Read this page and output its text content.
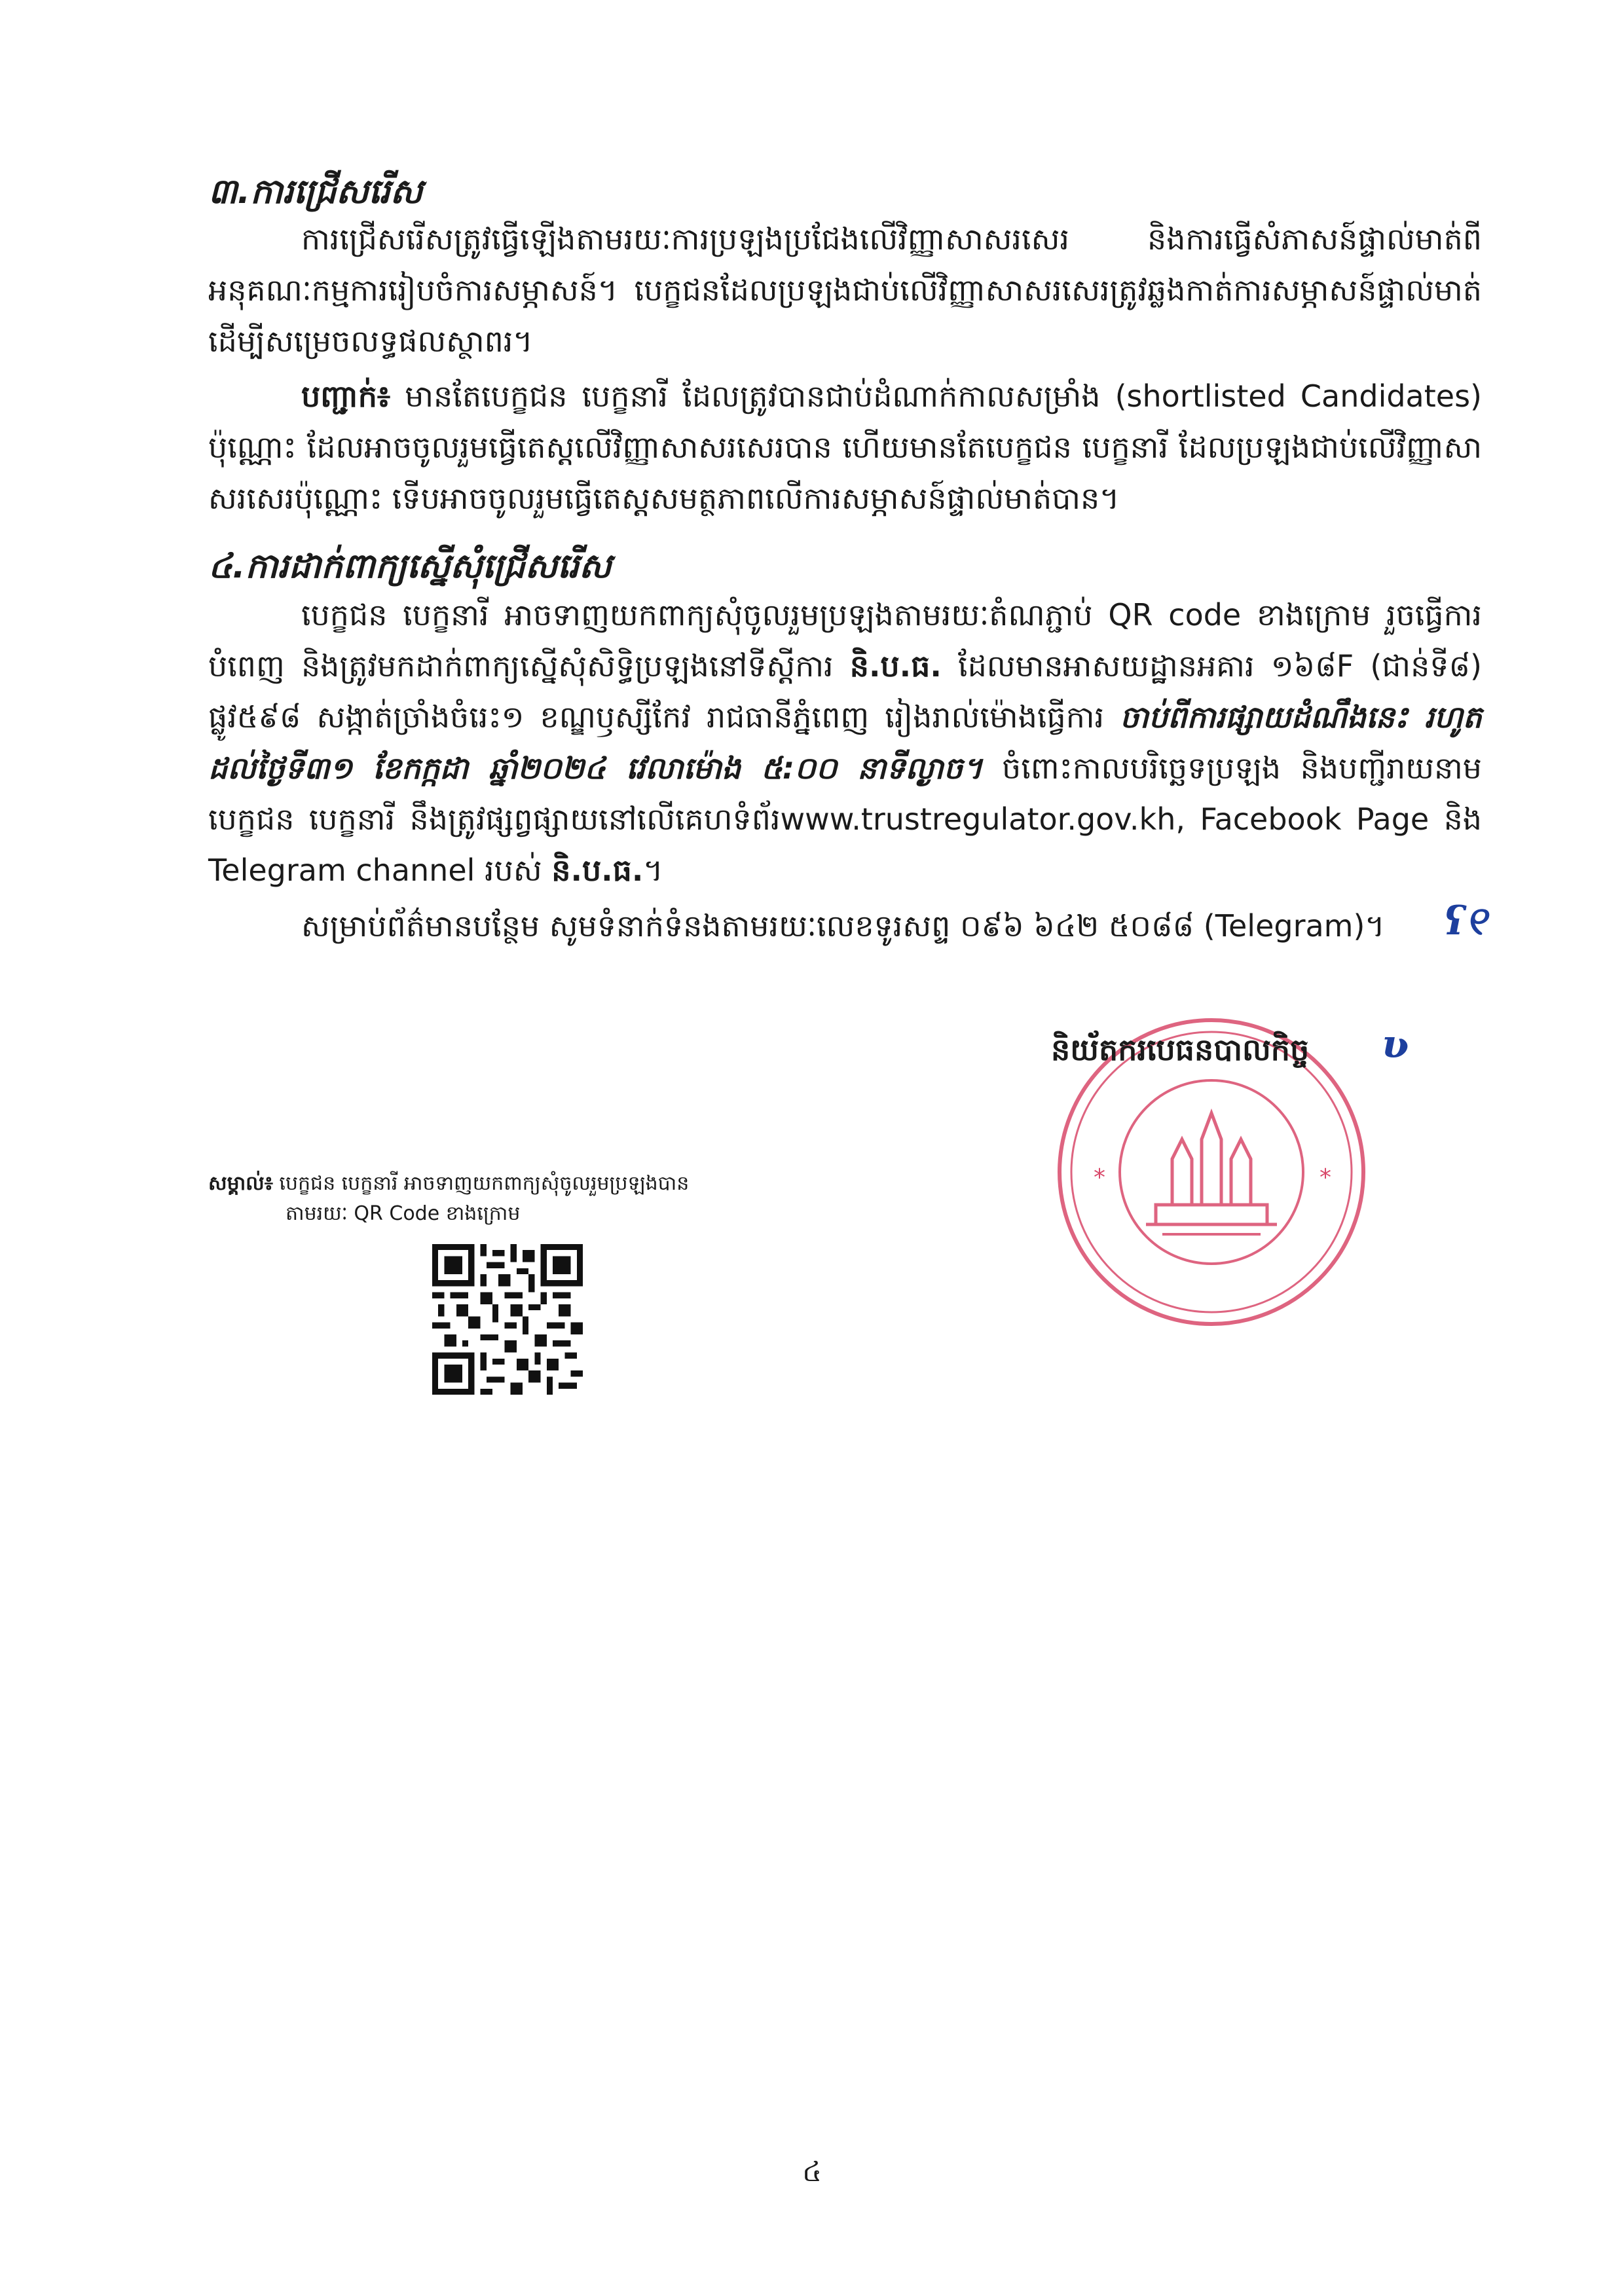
៣.ការជ្រើសរើស

ការជ្រើសរើសត្រូវធ្វើឡើងតាមរយៈការប្រឡងប្រជែងលើវិញ្ញាសាសរសេរ និងការធ្វើសំភាសន៍ផ្ទាល់មាត់ពីអនុគណៈកម្មការរៀបចំការសម្ភាសន៍។ បេក្ខជនដែលប្រឡងជាប់លើវិញ្ញាសាសរសេរត្រូវឆ្លងកាត់ការសម្ភាសន៍ផ្ទាល់មាត់ដើម្បីសម្រេចលទ្ធផលស្ថាពរ។

បញ្ជាក់៖ មានតែបេក្ខជន បេក្ខនារី ដែលត្រូវបានជាប់ដំណាក់កាលសម្រាំង (shortlisted Candidates) ប៉ុណ្ណោះ ដែលអាចចូលរួមធ្វើតេស្តលើវិញ្ញាសាសរសេរបាន ហើយមានតែបេក្ខជន បេក្ខនារី ដែលប្រឡងជាប់លើវិញ្ញាសាសរសេរប៉ុណ្ណោះ ទើបអាចចូលរួមធ្វើតេស្តសមត្ថភាពលើការសម្ភាសន៍ផ្ទាល់មាត់បាន។

៤.ការដាក់ពាក្យស្នើសុំជ្រើសរើស

បេក្ខជន បេក្ខនារី អាចទាញយកពាក្យសុំចូលរួមប្រឡងតាមរយៈតំណភ្ជាប់ QR code ខាងក្រោម រួចធ្វើការបំពេញ និងត្រូវមកដាក់ពាក្យស្នើសុំសិទ្ធិប្រឡងនៅទីស្តីការ និ.ប.ធ. ដែលមានអាសយដ្ឋានអគារ ១៦៨F (ជាន់ទី៨) ផ្លូវ៥៩៨ សង្កាត់ច្រាំងចំរេះ១ ខណ្ឌឫស្សីកែវ រាជធានីភ្នំពេញ រៀងរាល់ម៉ោងធ្វើការ ចាប់ពីការផ្សាយដំណឹងនេះ រហូតដល់ថ្ងៃទី៣១ ខែកក្កដា ឆ្នាំ២០២៤ វេលាម៉ោង ៥:០០ នាទីល្ងាច។ ចំពោះកាលបរិច្ឆេទប្រឡង និងបញ្ជីរាយនាមបេក្ខជន បេក្ខនារី នឹងត្រូវផ្សព្វផ្សាយនៅលើគេហទំព័រwww.trustregulator.gov.kh, Facebook Page និង Telegram channel របស់ និ.ប.ធ.។

សម្រាប់ព័ត៌មានបន្ថែម សូមទំនាក់ទំនងតាមរយៈលេខទូរសព្ទ ០៩៦ ៦៤២ ៥០៨៨ (Telegram)។	ʕ୧
*	*
និយ័តករបេធនបាលកិច្ច ʋ
សម្គាល់៖ បេក្ខជន បេក្ខនារី អាចទាញយកពាក្យសុំចូលរួមប្រឡងបាន
តាមរយៈ QR Code ខាងក្រោម
៤
